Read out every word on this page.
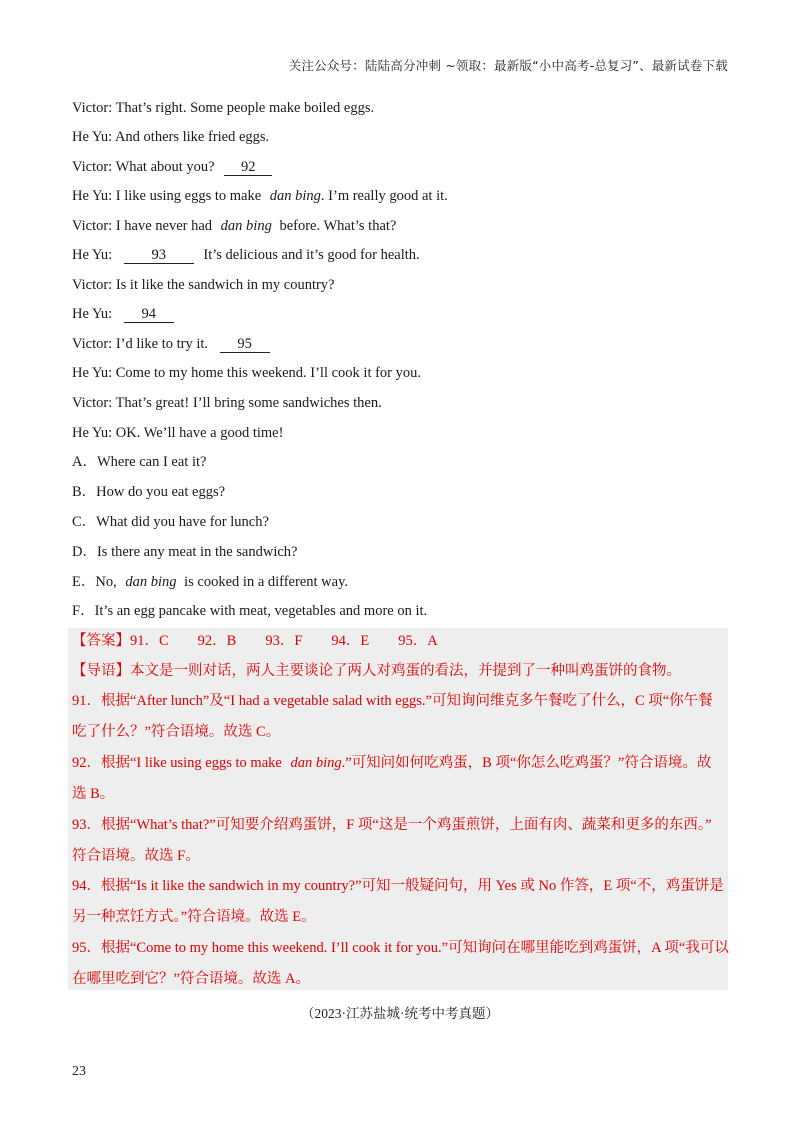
关注公众号：陆陆高分冲刺 ~领取：最新版“小中高考-总复习”、最新试卷下载
Victor: That’s right. Some people make boiled eggs.
He Yu: And others like fried eggs.
Victor: What about you? 92
He Yu: I like using eggs to make dan bing. I’m really good at it.
Victor: I have never had dan bing before. What’s that?
He Yu:	93	It’s delicious and it’s good for health.
Victor: Is it like the sandwich in my country?
He Yu: 94
Victor: I’d like to try it. 95
He Yu: Come to my home this weekend. I’ll cook it for you.
Victor: That’s great! I’ll bring some sandwiches then.
He Yu: OK. We’ll have a good time!
A．Where can I eat it?
B．How do you eat eggs?
C．What did you have for lunch?
D．Is there any meat in the sandwich?
E．No, dan bing is cooked in a different way.
F．It’s an egg pancake with meat, vegetables and more on it.
【答案】91．C        92．B        93．F        94．E        95．A
【导语】本文是一则对话，两人主要谈论了两人对鸡蛋的看法，并提到了一种叫鸡蛋饼的食物。
91．根据“After lunch”及“I had a vegetable salad with eggs.”可知询问维克多午餐吃了什么，C 项“你午餐
吃了什么？”符合语境。故选 C。
92．根据“I like using eggs to make dan bing.”可知问如何吃鸡蛋，B 项“你怎么吃鸡蛋？”符合语境。故
选 B。
93．根据“What’s that?”可知要介绍鸡蛋饼，F 项“这是一个鸡蛋煎饼，上面有肉、蔬菜和更多的东西。”
符合语境。故选 F。
94．根据“Is it like the sandwich in my country?”可知一般疑问句，用 Yes 或 No 作答，E 项“不，鸡蛋饼是
另一种烹饪方式。”符合语境。故选 E。
95．根据“Come to my home this weekend. I’ll cook it for you.”可知询问在哪里能吃到鸡蛋饼，A 项“我可以
在哪里吃到它？”符合语境。故选 A。
（2023·江苏盐城·统考中考真题）
23
